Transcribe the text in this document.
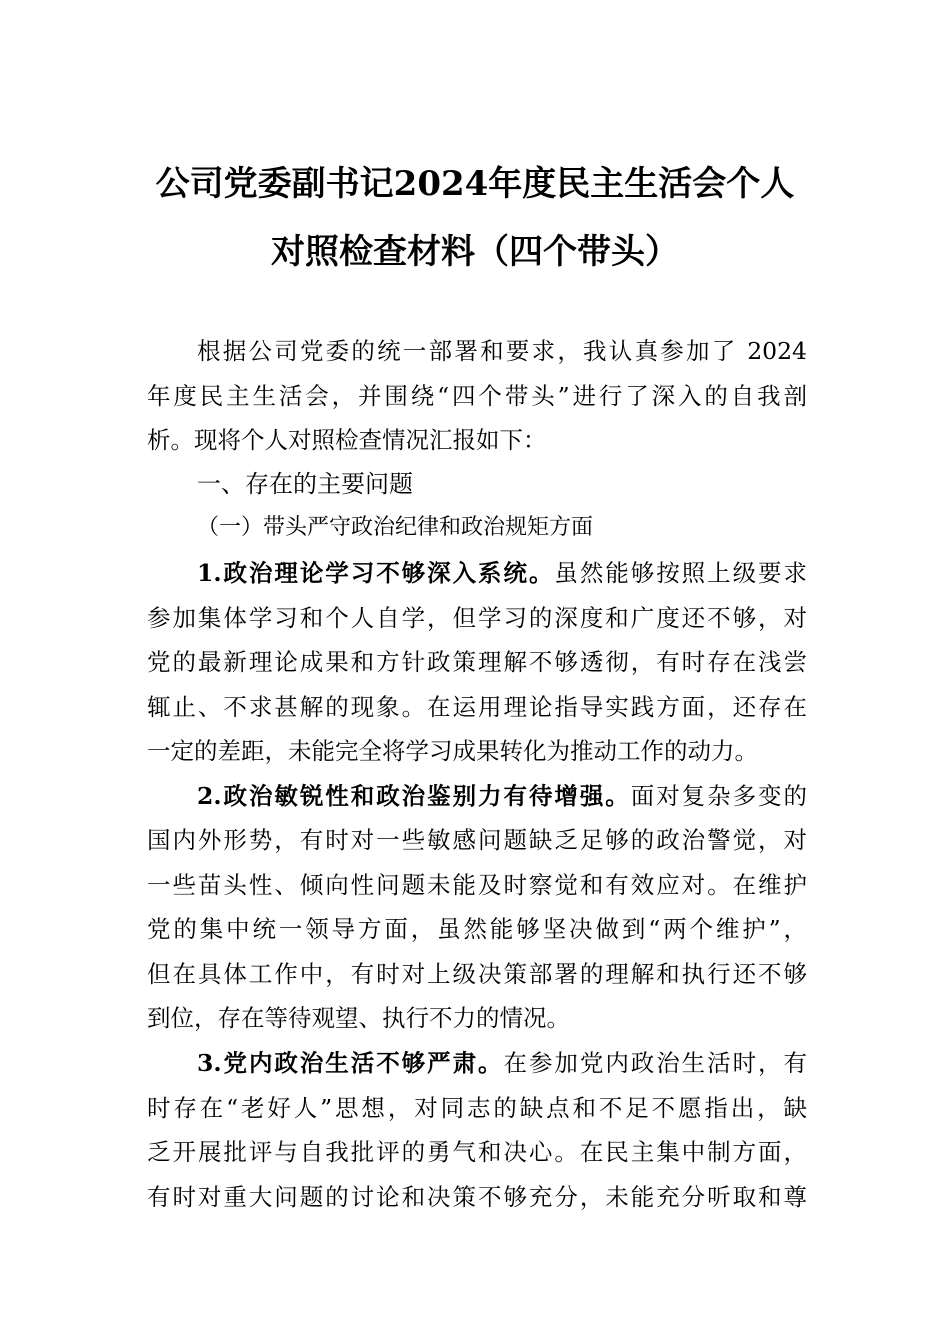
公司党委副书记2024年度民主生活会个人
对照检查材料（四个带头）
根据公司党委的统一部署和要求，我认真参加了 2024
年度民主生活会，并围绕“四个带头”进行了深入的自我剖
析。现将个人对照检查情况汇报如下：
一、存在的主要问题
（一）带头严守政治纪律和政治规矩方面
1.政治理论学习不够深入系统。虽然能够按照上级要求
参加集体学习和个人自学，但学习的深度和广度还不够，对
党的最新理论成果和方针政策理解不够透彻，有时存在浅尝
辄止、不求甚解的现象。在运用理论指导实践方面，还存在
一定的差距，未能完全将学习成果转化为推动工作的动力。
2.政治敏锐性和政治鉴别力有待增强。面对复杂多变的
国内外形势，有时对一些敏感问题缺乏足够的政治警觉，对
一些苗头性、倾向性问题未能及时察觉和有效应对。在维护
党的集中统一领导方面，虽然能够坚决做到“两个维护”，
但在具体工作中，有时对上级决策部署的理解和执行还不够
到位，存在等待观望、执行不力的情况。
3.党内政治生活不够严肃。在参加党内政治生活时，有
时存在“老好人”思想，对同志的缺点和不足不愿指出，缺
乏开展批评与自我批评的勇气和决心。在民主集中制方面，
有时对重大问题的讨论和决策不够充分，未能充分听取和尊
